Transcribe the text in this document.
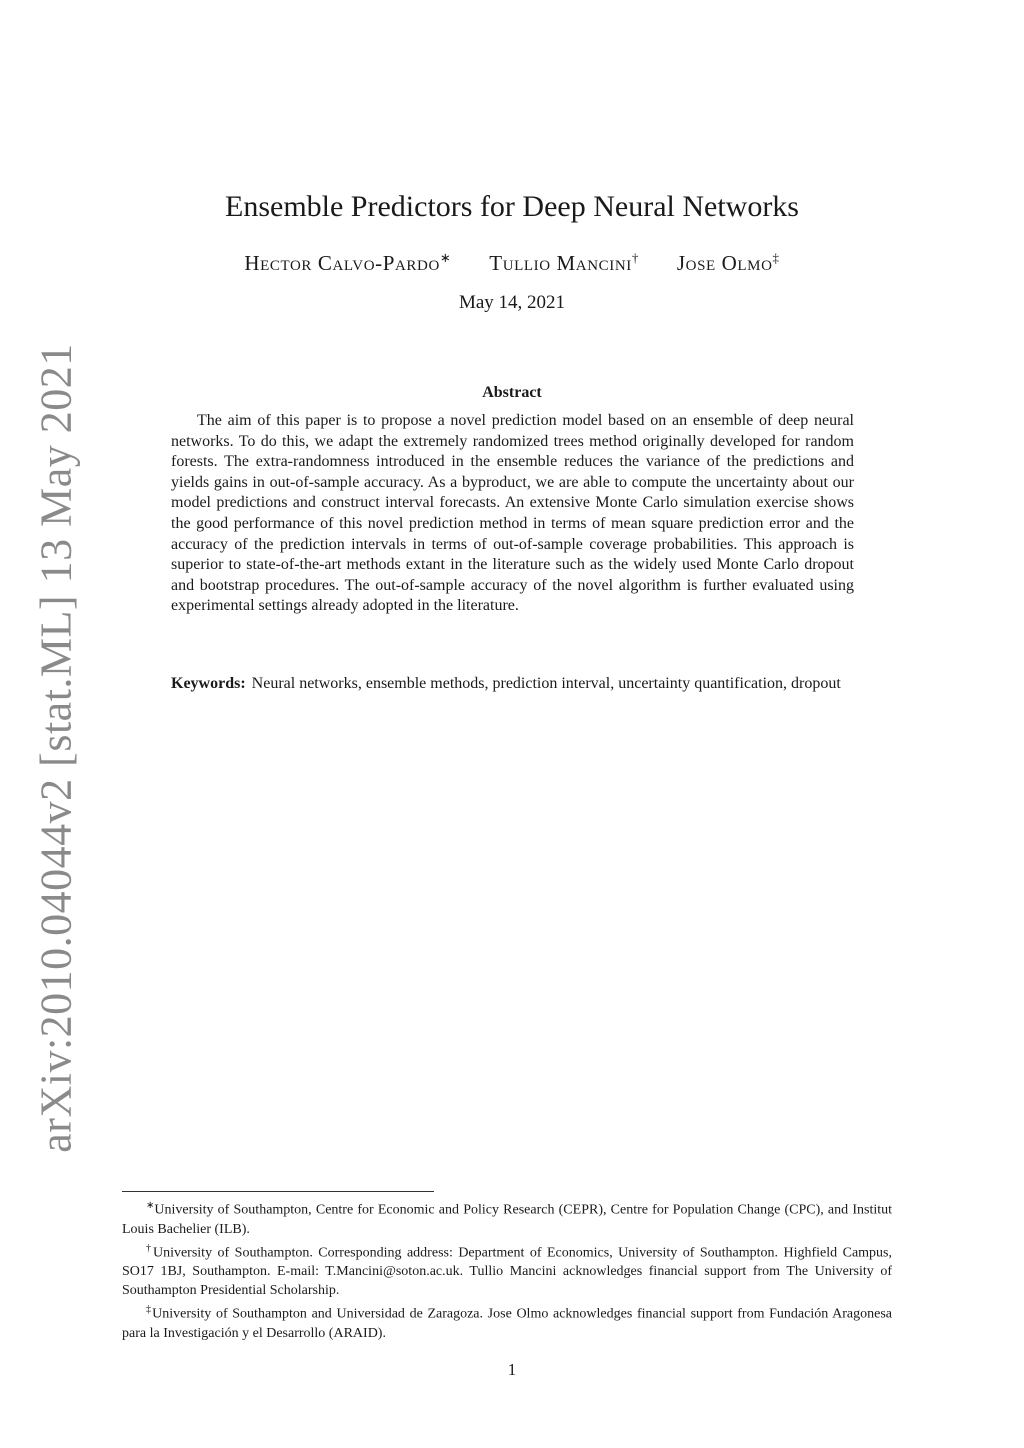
arXiv:2010.04044v2 [stat.ML] 13 May 2021
Ensemble Predictors for Deep Neural Networks
Hector Calvo-Pardo∗ Tullio Mancini† Jose Olmo‡
May 14, 2021
Abstract

The aim of this paper is to propose a novel prediction model based on an ensemble of deep neural networks. To do this, we adapt the extremely randomized trees method originally developed for random forests. The extra-randomness introduced in the ensemble reduces the variance of the predictions and yields gains in out-of-sample accuracy. As a byproduct, we are able to compute the uncertainty about our model predictions and construct interval forecasts. An extensive Monte Carlo simulation exercise shows the good performance of this novel prediction method in terms of mean square prediction error and the accuracy of the prediction intervals in terms of out-of-sample coverage probabilities. This approach is superior to state-of-the-art methods extant in the literature such as the widely used Monte Carlo dropout and bootstrap procedures. The out-of-sample accuracy of the novel algorithm is further evaluated using experimental settings already adopted in the literature.

Keywords: Neural networks, ensemble methods, prediction interval, uncertainty quantification, dropout

∗University of Southampton, Centre for Economic and Policy Research (CEPR), Centre for Population Change (CPC), and Institut Louis Bachelier (ILB).

†University of Southampton. Corresponding address: Department of Economics, University of Southampton. Highfield Campus, SO17 1BJ, Southampton. E-mail: T.Mancini@soton.ac.uk. Tullio Mancini acknowledges financial support from The University of Southampton Presidential Scholarship.

‡University of Southampton and Universidad de Zaragoza. Jose Olmo acknowledges financial support from Fundación Aragonesa para la Investigación y el Desarrollo (ARAID).

1
